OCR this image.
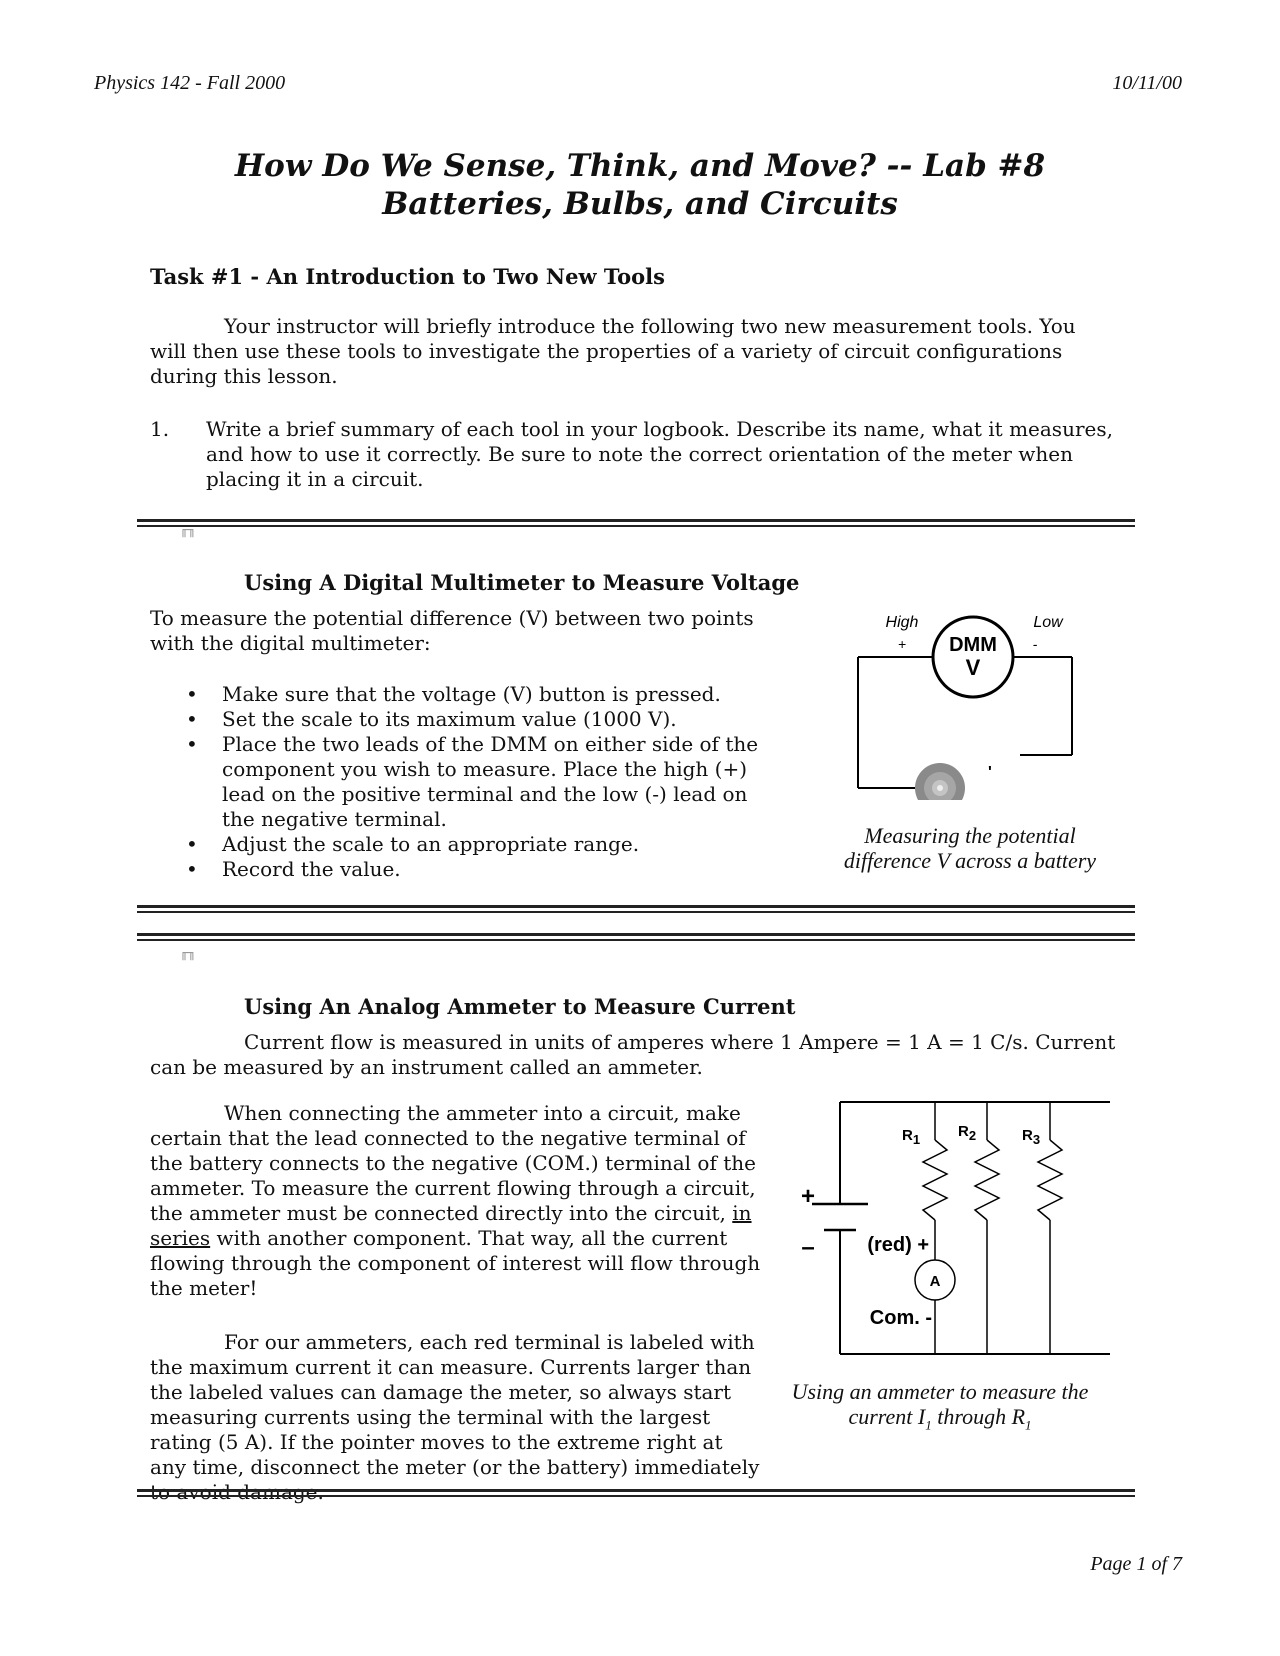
Physics 142 - Fall 2000	10/11/00
How Do We Sense, Think, and Move? -- Lab #8
Batteries, Bulbs, and Circuits
Task #1 - An Introduction to Two New Tools
Your instructor will briefly introduce the following two new measurement tools. You will then use these tools to investigate the properties of a variety of circuit configurations during this lesson.
1. Write a brief summary of each tool in your logbook. Describe its name, what it measures, and how to use it correctly. Be sure to note the correct orientation of the meter when placing it in a circuit.
╓╖
Using A Digital Multimeter to Measure Voltage
To measure the potential difference (V) between two points with the digital multimeter:
• Make sure that the voltage (V) button is pressed.
• Set the scale to its maximum value (1000 V).
• Place the two leads of the DMM on either side of the component you wish to measure. Place the high (+) lead on the positive terminal and the low (-) lead on the negative terminal.
• Adjust the scale to an appropriate range.
• Record the value.
DMM
V
High	Low
+	-
'
Measuring the potential
difference V across a battery
╓╖
Using An Analog Ammeter to Measure Current
Current flow is measured in units of amperes where 1 Ampere = 1 A = 1 C/s. Current can be measured by an instrument called an ammeter.
When connecting the ammeter into a circuit, make certain that the lead connected to the negative terminal of the battery connects to the negative (COM.) terminal of the ammeter. To measure the current flowing through a circuit, the ammeter must be connected directly into the circuit, in series with another component. That way, all the current flowing through the component of interest will flow through the meter!
For our ammeters, each red terminal is labeled with the maximum current it can measure. Currents larger than the labeled values can damage the meter, so always start measuring currents using the terminal with the largest rating (5 A). If the pointer moves to the extreme right at any time, disconnect the meter (or the battery) immediately to avoid damage.
+
–
A
R1	R2	R3
(red) +
Com. -
Using an ammeter to measure the
current $I_1$ through $R_1$
Page 1 of 7
